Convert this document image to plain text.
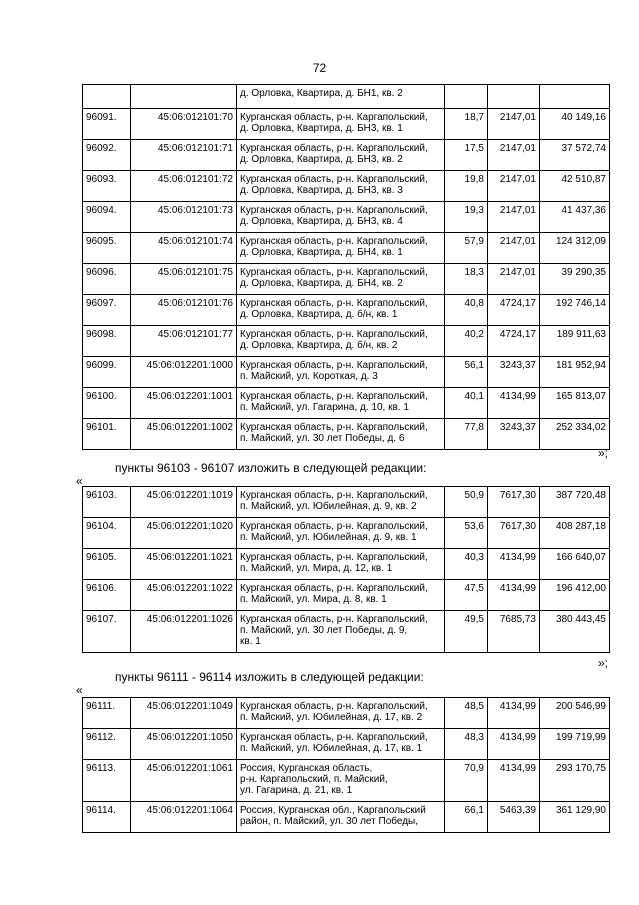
72

		д. Орловка, Квартира, д. БН1, кв. 2			

96091.	45:06:012101:70	Курганская область, р-н. Каргапольский,
д. Орловка, Квартира, д. БН3, кв. 1	18,7	2147,01	40 149,16
96092.	45:06:012101:71	Курганская область, р-н. Каргапольский,
д. Орловка, Квартира, д. БН3, кв. 2	17,5	2147,01	37 572,74
96093.	45:06:012101:72	Курганская область, р-н. Каргапольский,
д. Орловка, Квартира, д. БН3, кв. 3	19,8	2147,01	42 510,87
96094.	45:06:012101:73	Курганская область, р-н. Каргапольский,
д. Орловка, Квартира, д. БН3, кв. 4	19,3	2147,01	41 437,36
96095.	45:06:012101:74	Курганская область, р-н. Каргапольский,
д. Орловка, Квартира, д. БН4, кв. 1	57,9	2147,01	124 312,09
96096.	45:06:012101:75	Курганская область, р-н. Каргапольский,
д. Орловка, Квартира, д. БН4, кв. 2	18,3	2147,01	39 290,35
96097.	45:06:012101:76	Курганская область, р-н. Каргапольский,
д. Орловка, Квартира, д. б/н, кв. 1	40,8	4724,17	192 746,14
96098.	45:06:012101:77	Курганская область, р-н. Каргапольский,
д. Орловка, Квартира, д. б/н, кв. 2	40,2	4724,17	189 911,63
96099.	45:06:012201:1000	Курганская область, р-н. Каргапольский,
п. Майский, ул. Короткая, д. 3	56,1	3243,37	181 952,94
96100.	45:06:012201:1001	Курганская область, р-н. Каргапольский,
п. Майский, ул. Гагарина, д. 10, кв. 1	40,1	4134,99	165 813,07
96101.	45:06:012201:1002	Курганская область, р-н. Каргапольский,
п. Майский, ул. 30 лет Победы, д. 6	77,8	3243,37	252 334,02
»;
пункты 96103 - 96107 изложить в следующей редакции:
«
96103.	45:06:012201:1019	Курганская область, р-н. Каргапольский,
п. Майский, ул. Юбилейная, д. 9, кв. 2	50,9	7617,30	387 720,48
96104.	45:06:012201:1020	Курганская область, р-н. Каргапольский,
п. Майский, ул. Юбилейная, д. 9, кв. 1	53,6	7617,30	408 287,18
96105.	45:06:012201:1021	Курганская область, р-н. Каргапольский,
п. Майский, ул. Мира, д. 12, кв. 1	40,3	4134,99	166 640,07
96106.	45:06:012201:1022	Курганская область, р-н. Каргапольский,
п. Майский, ул. Мира, д. 8, кв. 1	47,5	4134,99	196 412,00
96107.	45:06:012201:1026	Курганская область, р-н. Каргапольский,
п. Майский, ул. 30 лет Победы, д. 9,
кв. 1	49,5	7685,73	380 443,45
»;
пункты 96111 - 96114 изложить в следующей редакции:
«
96111.	45:06:012201:1049	Курганская область, р-н. Каргапольский,
п. Майский, ул. Юбилейная, д. 17, кв. 2	48,5	4134,99	200 546,99
96112.	45:06:012201:1050	Курганская область, р-н. Каргапольский,
п. Майский, ул. Юбилейная, д. 17, кв. 1	48,3	4134,99	199 719,99
96113.	45:06:012201:1061	Россия, Курганская область,
р-н. Каргапольский, п. Майский,
ул. Гагарина, д. 21, кв. 1	70,9	4134,99	293 170,75
96114.	45:06:012201:1064	Россия, Курганская обл., Каргапольский
район, п. Майский, ул. 30 лет Победы,	66,1	5463,39	361 129,90
